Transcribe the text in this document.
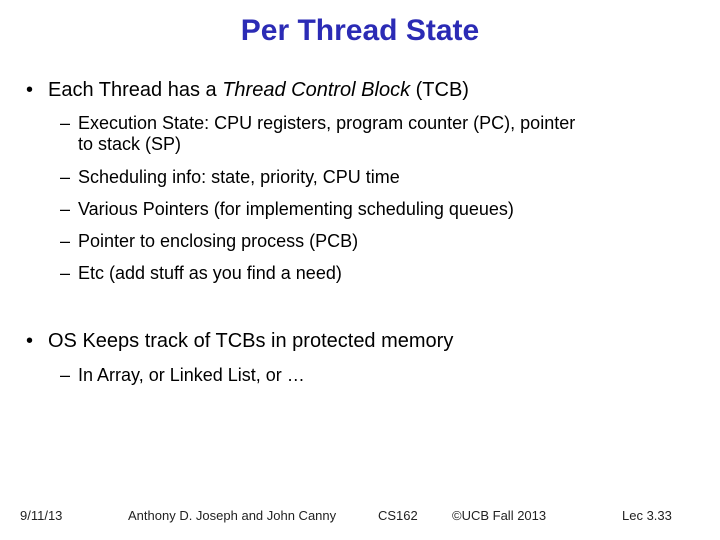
Per Thread State
• Each Thread has a Thread Control Block (TCB)
– Execution State: CPU registers, program counter (PC), pointer
to stack (SP)
– Scheduling info: state, priority, CPU time
– Various Pointers (for implementing scheduling queues)
– Pointer to enclosing process (PCB)
– Etc (add stuff as you find a need)
• OS Keeps track of TCBs in protected memory
– In Array, or Linked List, or …
9/11/13	Anthony D. Joseph and John Canny	CS162	©UCB Fall 2013	Lec 3.33
